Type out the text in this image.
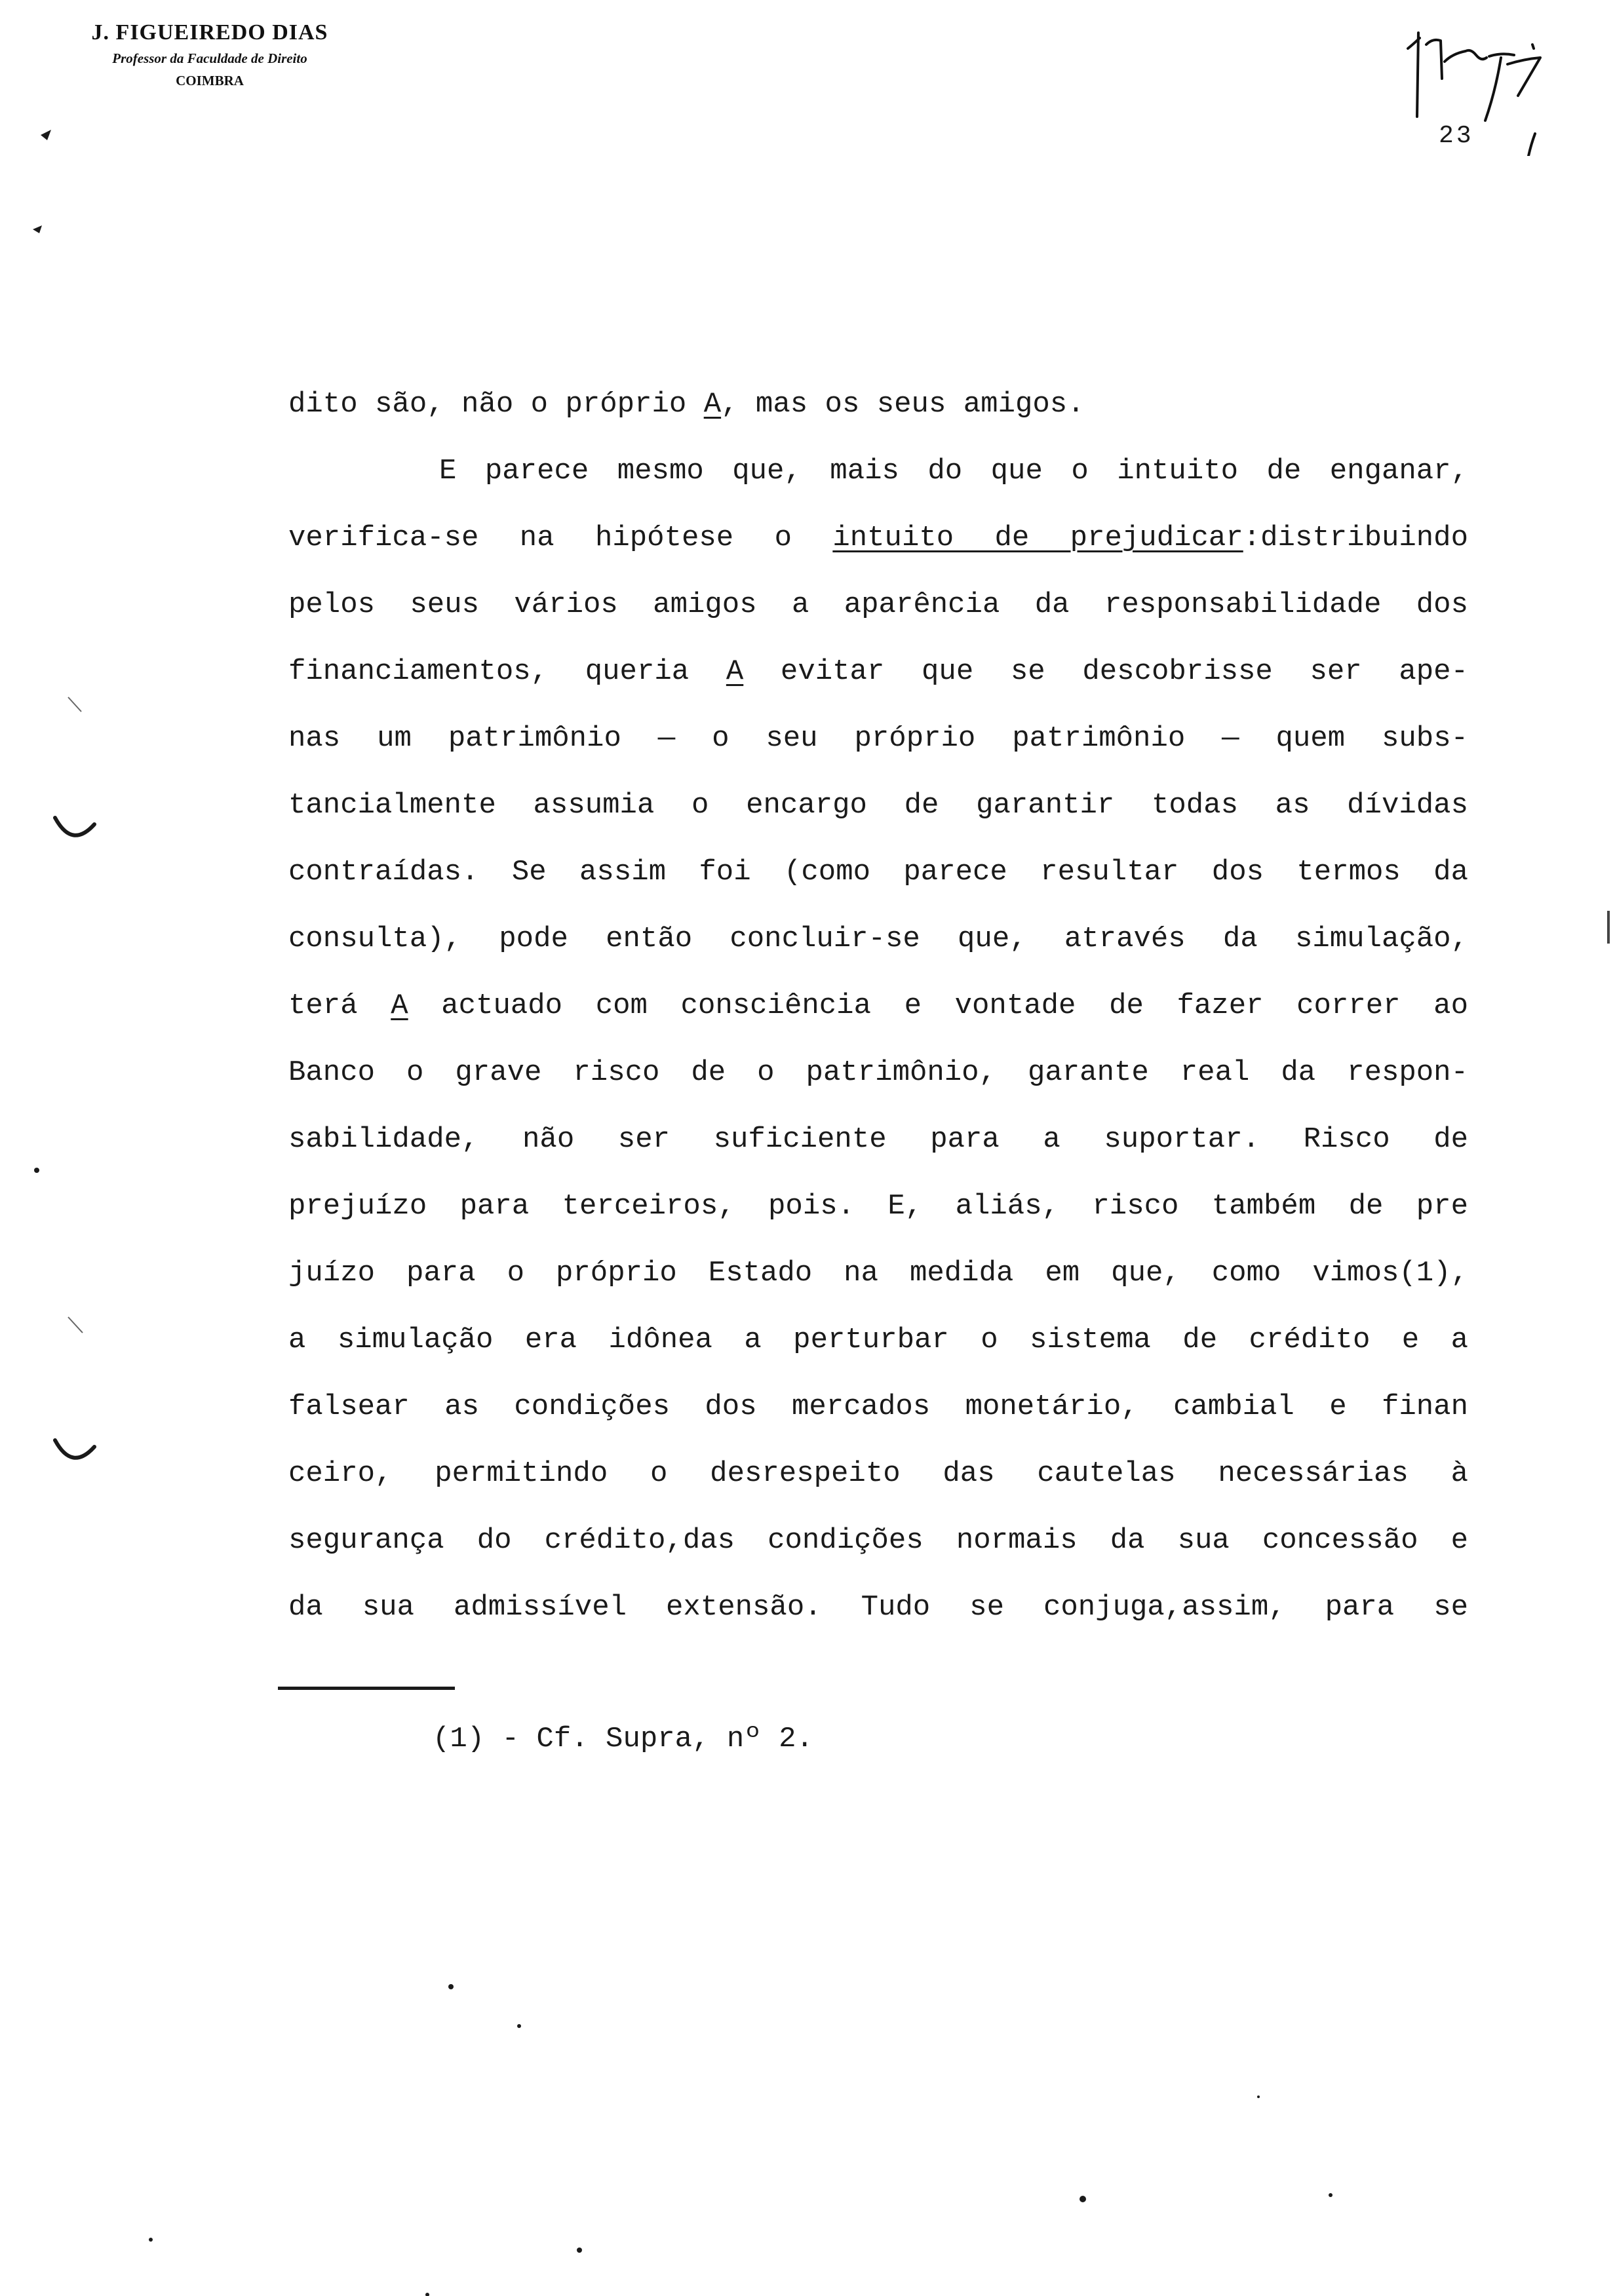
J. FIGUEIREDO DIAS
Professor da Faculdade de Direito
COIMBRA
23
dito são, não o próprio A, mas os seus amigos.
E parece mesmo que, mais do que o intuito de enganar,
verifica-se na hipótese o intuito de prejudicar:distribuindo
pelos seus vários amigos a aparência da responsabilidade dos
financiamentos, queria A evitar que se descobrisse ser ape-
nas um patrimônio — o seu próprio patrimônio — quem subs-
tancialmente assumia o encargo de garantir todas as dívidas
contraídas. Se assim foi (como parece resultar dos termos da
consulta), pode então concluir-se que, através da simulação,
terá A actuado com consciência e vontade de fazer correr ao
Banco o grave risco de o patrimônio, garante real da respon-
sabilidade, não ser suficiente para a suportar. Risco de
prejuízo para terceiros, pois. E, aliás, risco também de pre
juízo para o próprio Estado na medida em que, como vimos(1),
a simulação era idônea a perturbar o sistema de crédito e a
falsear as condições dos mercados monetário, cambial e finan
ceiro, permitindo o desrespeito das cautelas necessárias à
segurança do crédito,das condições normais da sua concessão e
da sua admissível extensão. Tudo se conjuga,assim, para se
(1) - Cf. Supra, nº 2.
